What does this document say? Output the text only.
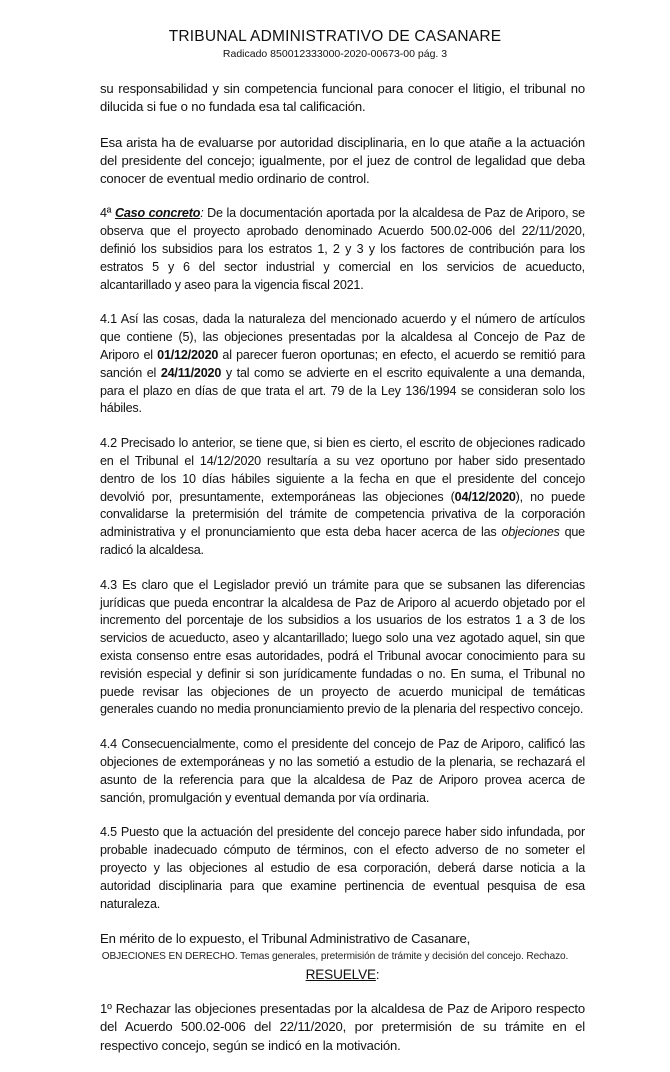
TRIBUNAL ADMINISTRATIVO DE CASANARE
Radicado 850012333000-2020-00673-00 pág. 3

su responsabilidad y sin competencia funcional para conocer el litigio, el tribunal no dilucida si fue o no fundada esa tal calificación.

Esa arista ha de evaluarse por autoridad disciplinaria, en lo que atañe a la actuación del presidente del concejo; igualmente, por el juez de control de legalidad que deba conocer de eventual medio ordinario de control.

4ª Caso concreto: De la documentación aportada por la alcaldesa de Paz de Ariporo, se observa que el proyecto aprobado denominado Acuerdo 500.02-006 del 22/11/2020, definió los subsidios para los estratos 1, 2 y 3 y los factores de contribución para los estratos 5 y 6 del sector industrial y comercial en los servicios de acueducto, alcantarillado y aseo para la vigencia fiscal 2021.

4.1 Así las cosas, dada la naturaleza del mencionado acuerdo y el número de artículos que contiene (5), las objeciones presentadas por la alcaldesa al Concejo de Paz de Ariporo el 01/12/2020 al parecer fueron oportunas; en efecto, el acuerdo se remitió para sanción el 24/11/2020 y tal como se advierte en el escrito equivalente a una demanda, para el plazo en días de que trata el art. 79 de la Ley 136/1994 se consideran solo los hábiles.

4.2 Precisado lo anterior, se tiene que, si bien es cierto, el escrito de objeciones radicado en el Tribunal el 14/12/2020 resultaría a su vez oportuno por haber sido presentado dentro de los 10 días hábiles siguiente a la fecha en que el presidente del concejo devolvió por, presuntamente, extemporáneas las objeciones (04/12/2020), no puede convalidarse la pretermisión del trámite de competencia privativa de la corporación administrativa y el pronunciamiento que esta deba hacer acerca de las objeciones que radicó la alcaldesa.

4.3 Es claro que el Legislador previó un trámite para que se subsanen las diferencias jurídicas que pueda encontrar la alcaldesa de Paz de Ariporo al acuerdo objetado por el incremento del porcentaje de los subsidios a los usuarios de los estratos 1 a 3 de los servicios de acueducto, aseo y alcantarillado; luego solo una vez agotado aquel, sin que exista consenso entre esas autoridades, podrá el Tribunal avocar conocimiento para su revisión especial y definir si son jurídicamente fundadas o no. En suma, el Tribunal no puede revisar las objeciones de un proyecto de acuerdo municipal de temáticas generales cuando no media pronunciamiento previo de la plenaria del respectivo concejo.

4.4 Consecuencialmente, como el presidente del concejo de Paz de Ariporo, calificó las objeciones de extemporáneas y no las sometió a estudio de la plenaria, se rechazará el asunto de la referencia para que la alcaldesa de Paz de Ariporo provea acerca de sanción, promulgación y eventual demanda por vía ordinaria.

4.5 Puesto que la actuación del presidente del concejo parece haber sido infundada, por probable inadecuado cómputo de términos, con el efecto adverso de no someter el proyecto y las objeciones al estudio de esa corporación, deberá darse noticia a la autoridad disciplinaria para que examine pertinencia de eventual pesquisa de esa naturaleza.

En mérito de lo expuesto, el Tribunal Administrativo de Casanare,

RESUELVE:

1º Rechazar las objeciones presentadas por la alcaldesa de Paz de Ariporo respecto del Acuerdo 500.02-006 del 22/11/2020, por pretermisión de su trámite en el respectivo concejo, según se indicó en la motivación.

OBJECIONES EN DERECHO. Temas generales, pretermisión de trámite y decisión del concejo. Rechazo.
